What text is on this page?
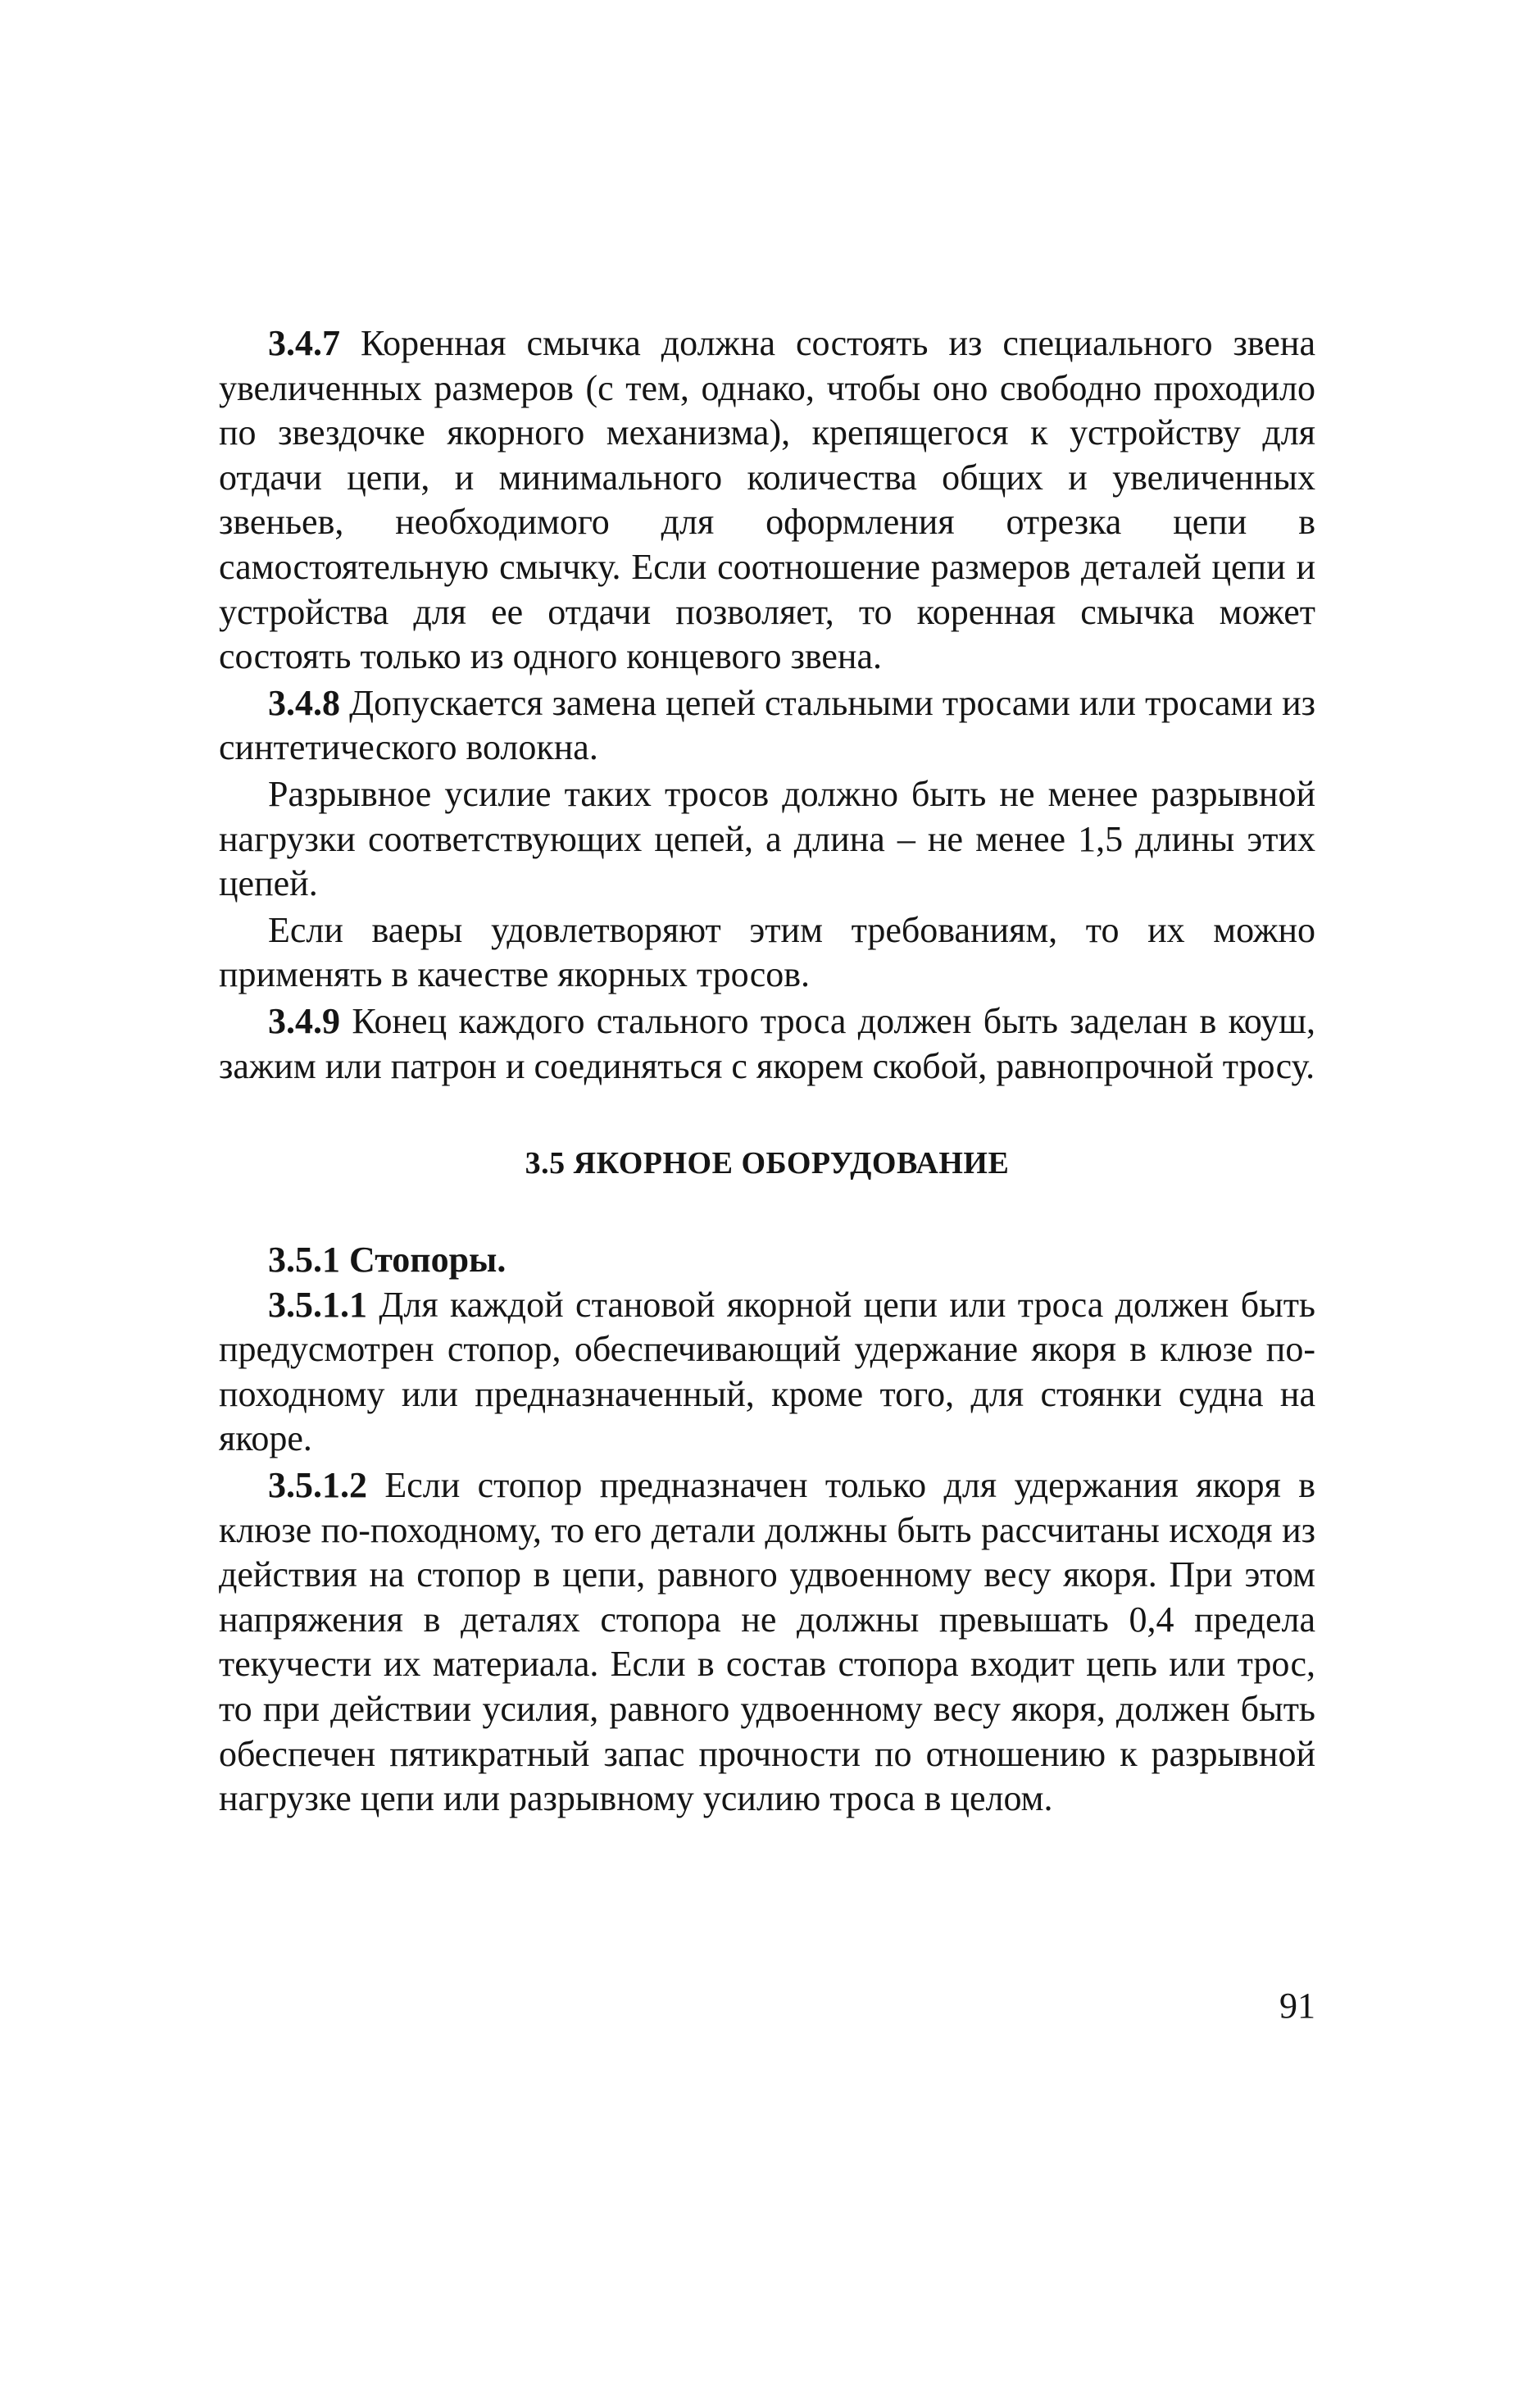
3.4.7 Коренная смычка должна состоять из специального звена увеличенных размеров (с тем, однако, чтобы оно свободно проходило по звездочке якорного механизма), крепящегося к устройству для отдачи цепи, и минимального количества общих и увеличенных звеньев, необходимого для оформления отрезка цепи в самостоятельную смычку. Если соотношение размеров деталей цепи и устройства для ее отдачи позволяет, то коренная смычка может состоять только из одного концевого звена.

3.4.8 Допускается замена цепей стальными тросами или тросами из синтетического волокна.

Разрывное усилие таких тросов должно быть не менее разрывной нагрузки соответствующих цепей, а длина – не менее 1,5 длины этих цепей.

Если ваеры удовлетворяют этим требованиям, то их можно применять в качестве якорных тросов.

3.4.9 Конец каждого стального троса должен быть заделан в коуш, зажим или патрон и соединяться с якорем скобой, равнопрочной тросу.

3.5 ЯКОРНОЕ ОБОРУДОВАНИЕ

3.5.1 Стопоры.

3.5.1.1 Для каждой становой якорной цепи или троса должен быть предусмотрен стопор, обеспечивающий удержание якоря в клюзе по-походному или предназначенный, кроме того, для стоянки судна на якоре.

3.5.1.2 Если стопор предназначен только для удержания якоря в клюзе по-походному, то его детали должны быть рассчитаны исходя из действия на стопор в цепи, равного удвоенному весу якоря. При этом напряжения в деталях стопора не должны превышать 0,4 предела текучести их материала. Если в состав стопора входит цепь или трос, то при действии усилия, равного удвоенному весу якоря, должен быть обеспечен пятикратный запас прочности по отношению к разрывной нагрузке цепи или разрывному усилию троса в целом.

91
